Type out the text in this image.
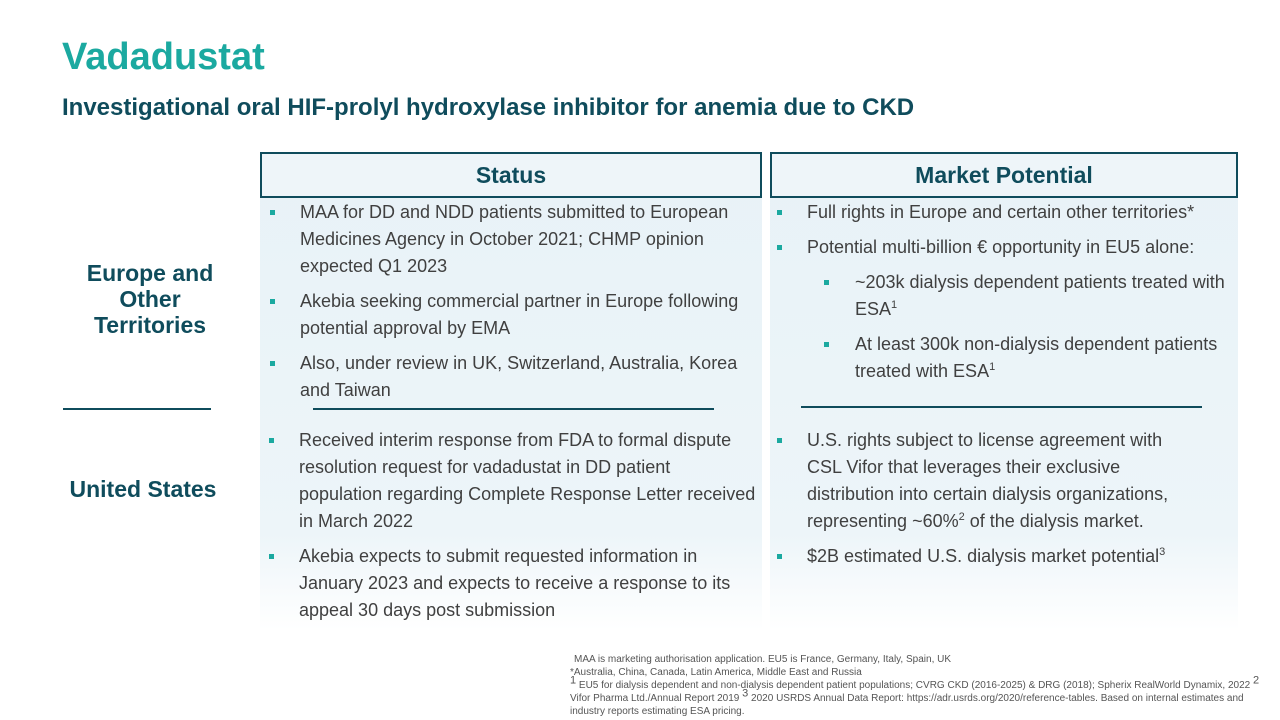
Vadadustat
Investigational oral HIF-prolyl hydroxylase inhibitor for anemia due to CKD
Europe and
Other
Territories
United States
Status	Market Potential
MAA for DD and NDD patients submitted to European Medicines Agency in October 2021; CHMP opinion expected Q1 2023
Akebia seeking commercial partner in Europe following potential approval by EMA
Also, under review in UK, Switzerland, Australia, Korea and Taiwan
Received interim response from FDA to formal dispute resolution request for vadadustat in DD patient population regarding Complete Response Letter received in March 2022
Akebia expects to submit requested information in January 2023 and expects to receive a response to its appeal 30 days post submission
Full rights in Europe and certain other territories*
Potential multi-billion € opportunity in EU5 alone:
~203k dialysis dependent patients treated with ESA$^1$
At least 300k non-dialysis dependent patients treated with ESA$^1$
U.S. rights subject to license agreement with CSL Vifor that leverages their exclusive distribution into certain dialysis organizations, representing ~60%$^2$ of the dialysis market.
$2B estimated U.S. dialysis market potential$^3$
MAA is marketing authorisation application. EU5 is France, Germany, Italy, Spain, UK
*Australia, China, Canada, Latin America, Middle East and Russia
$^1$ EU5 for dialysis dependent and non-dialysis dependent patient populations; CVRG CKD (2016-2025) & DRG (2018); Spherix RealWorld Dynamix, 2022 $^2$ Vifor Pharma Ltd./Annual Report 2019 $^3$ 2020 USRDS Annual Data Report: https://adr.usrds.org/2020/reference-tables. Based on internal estimates and industry reports estimating ESA pricing.
